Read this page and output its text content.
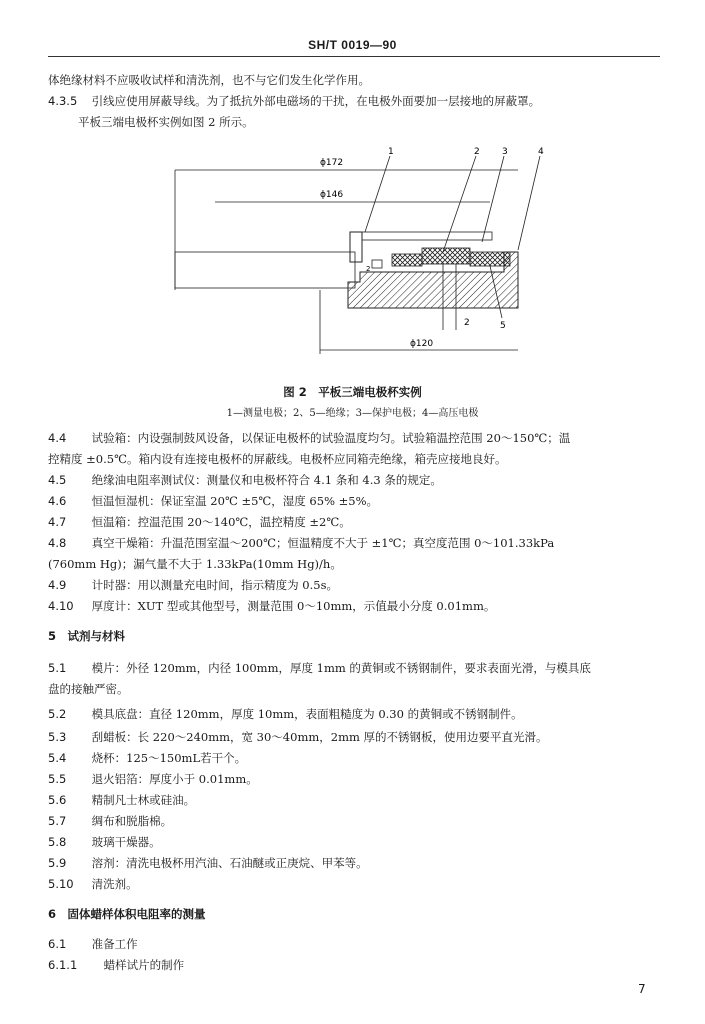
SH/T 0019—90
体绝缘材料不应吸收试样和清洗剂，也不与它们发生化学作用。
4.3.5 引线应使用屏蔽导线。为了抵抗外部电磁场的干扰，在电极外面要加一层接地的屏蔽罩。
平板三端电极杯实例如图 2 所示。
1	2 3	4
ϕ172
ϕ146
2
2	5
ϕ120
图 2　平板三端电极杯实例
1—测量电极；2、5—绝缘；3—保护电极；4—高压电极
4.4 试验箱：内设强制鼓风设备，以保证电极杯的试验温度均匀。试验箱温控范围 20～150℃；温
控精度 ±0.5℃。箱内设有连接电极杯的屏蔽线。电极杯应同箱壳绝缘，箱壳应接地良好。
4.5 绝缘油电阻率测试仪：测量仪和电极杯符合 4.1 条和 4.3 条的规定。
4.6 恒温恒湿机：保证室温 20℃ ±5℃，湿度 65% ±5%。
4.7 恒温箱：控温范围 20～140℃，温控精度 ±2℃。
4.8 真空干燥箱：升温范围室温～200℃；恒温精度不大于 ±1℃；真空度范围 0～101.33kPa
(760mm Hg)；漏气量不大于 1.33kPa(10mm Hg)/h。
4.9 计时器：用以测量充电时间，指示精度为 0.5s。
4.10 厚度计：XUT 型或其他型号，测量范围 0～10mm，示值最小分度 0.01mm。
5　试剂与材料
5.1 模片：外径 120mm，内径 100mm，厚度 1mm 的黄铜或不锈钢制件，要求表面光滑，与模具底
盘的接触严密。
5.2 模具底盘：直径 120mm，厚度 10mm，表面粗糙度为 0.30 的黄铜或不锈钢制件。
5.3 刮蜡板：长 220～240mm，宽 30～40mm，2mm 厚的不锈钢板，使用边要平直光滑。
5.4 烧杯：125～150mL若干个。
5.5 退火铝箔：厚度小于 0.01mm。
5.6 精制凡士林或硅油。
5.7 绸布和脱脂棉。
5.8 玻璃干燥器。
5.9 溶剂：清洗电极杯用汽油、石油醚或正庚烷、甲苯等。
5.10 清洗剂。
6　固体蜡样体积电阻率的测量
6.1 准备工作
6.1.1 蜡样试片的制作
7
